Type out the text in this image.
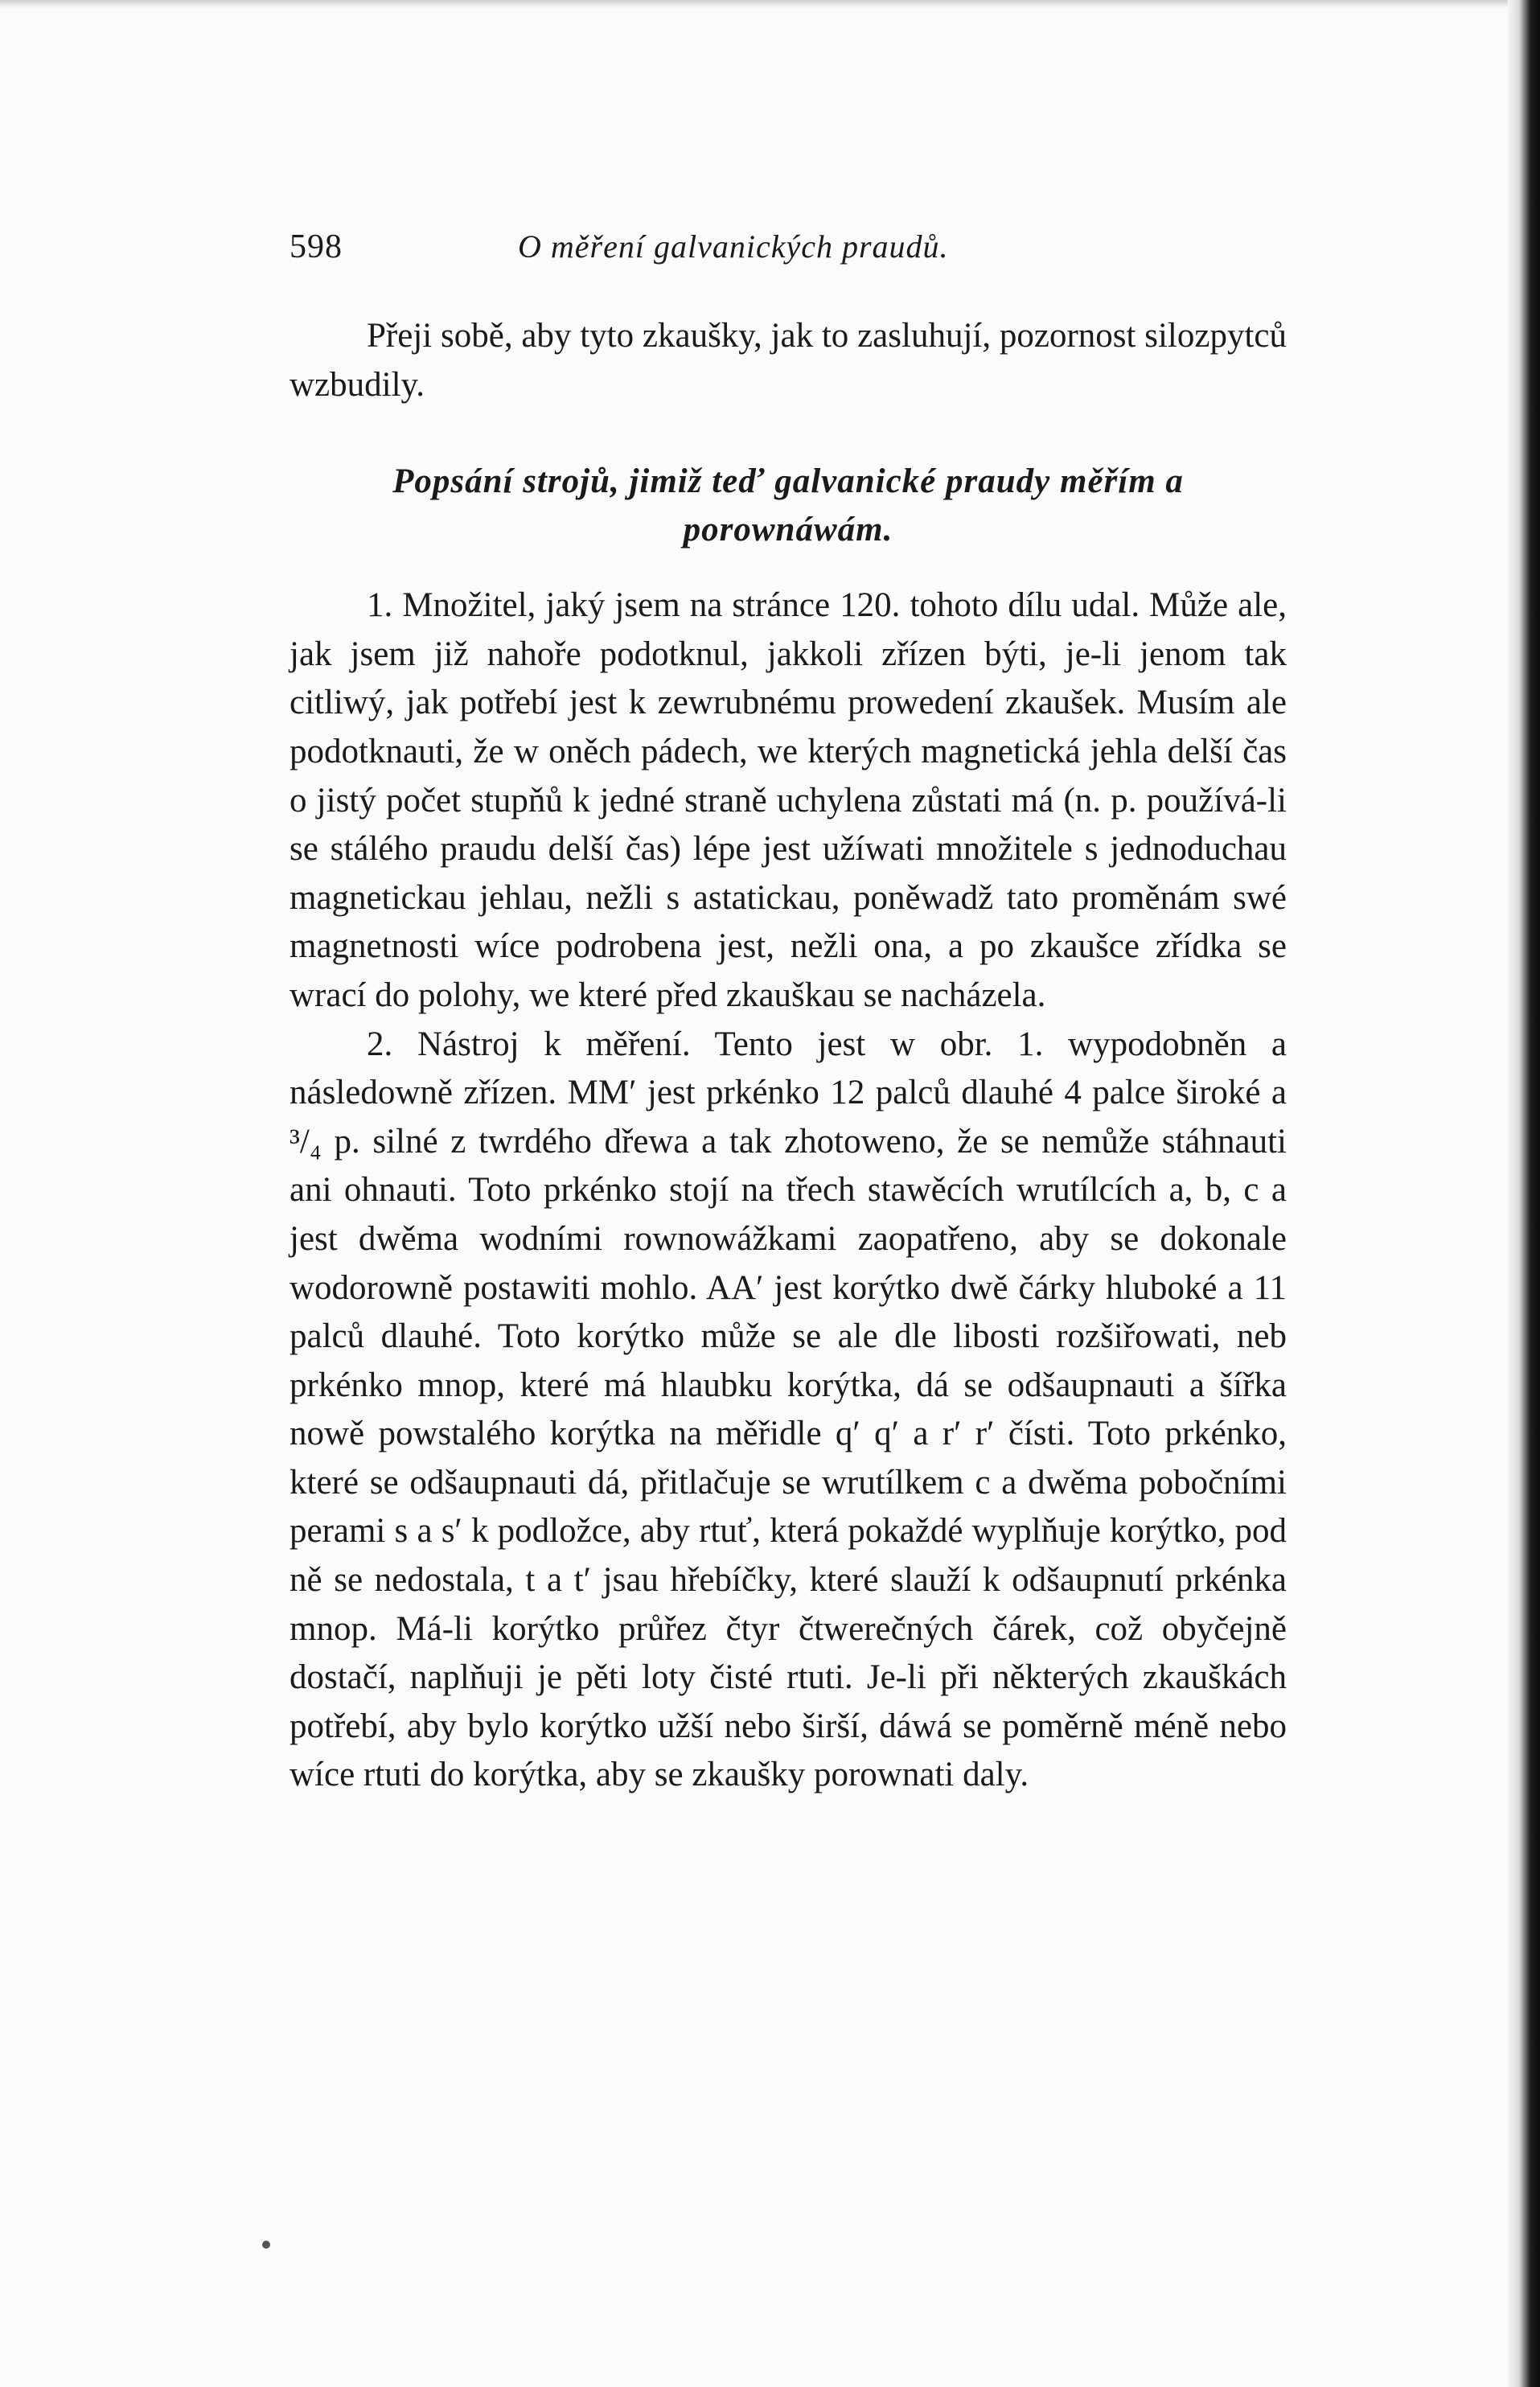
598	O měření galvanických praudů.

Přeji sobě, aby tyto zkaušky, jak to zasluhují, pozornost silozpytců wzbudily.

Popsání strojů, jimiž teď galvanické praudy měřím a porownáwám.

1. Množitel, jaký jsem na stránce 120. tohoto dílu udal. Může ale, jak jsem již nahoře podotknul, jakkoli zřízen býti, je-li jenom tak citliwý, jak potřebí jest k zewrubnému prowedení zkaušek. Musím ale podotknauti, že w oněch pádech, we kterých magnetická jehla delší čas o jistý počet stupňů k jedné straně uchylena zůstati má (n. p. používá-li se stálého praudu delší čas) lépe jest užíwati množitele s jednoduchau magnetickau jehlau, nežli s astatickau, poněwadž tato proměnám swé magnetnosti wíce podrobena jest, nežli ona, a po zkaušce zřídka se wrací do polohy, we které před zkauškau se nacházela.

2. Nástroj k měření. Tento jest w obr. 1. wypodobněn a následowně zřízen. MM′ jest prkénko 12 palců dlauhé 4 palce široké a ³/₄ p. silné z twrdého dřewa a tak zhotoweno, že se nemůže stáhnauti ani ohnauti. Toto prkénko stojí na třech stawěcích wrutílcích a, b, c a jest dwěma wodními rownowážkami zaopatřeno, aby se dokonale wodorowně postawiti mohlo. AA′ jest korýtko dwě čárky hluboké a 11 palců dlauhé. Toto korýtko může se ale dle libosti rozšiřowati, neb prkénko mnop, které má hlaubku korýtka, dá se odšaupnauti a šířka nowě powstalého korýtka na měřidle q′ q′ a r′ r′ čísti. Toto prkénko, které se odšaupnauti dá, přitlačuje se wrutílkem c a dwěma pobočními perami s a s′ k podložce, aby rtuť, která pokaždé wyplňuje korýtko, pod ně se nedostala, t a t′ jsau hřebíčky, které slauží k odšaupnutí prkénka mnop. Má-li korýtko průřez čtyr čtwerečných čárek, což obyčejně dostačí, naplňuji je pěti loty čisté rtuti. Je-li při některých zkauškách potřebí, aby bylo korýtko užší nebo širší, dáwá se poměrně méně nebo wíce rtuti do korýtka, aby se zkaušky porownati daly.
